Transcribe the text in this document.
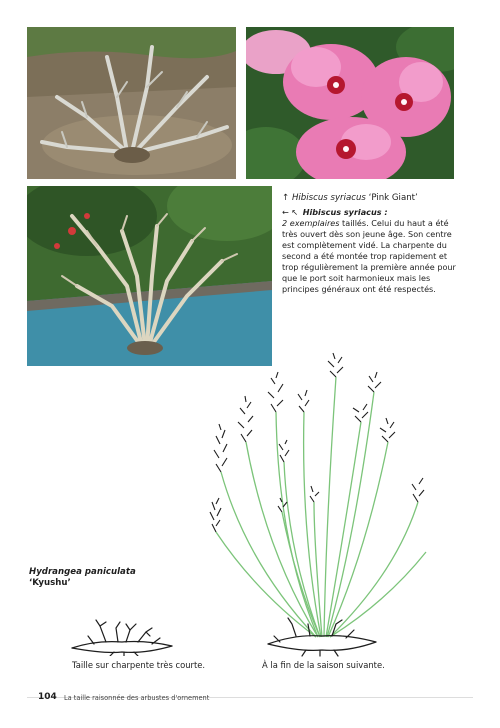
↑ Hibiscus syriacus ‘Pink Giant’
← ↖ Hibiscus syriacus :
2 exemplaires taillés. Celui du haut a été très ouvert dès son jeune âge. Son centre est complètement vidé. La charpente du second a été montée trop rapidement et trop régulièrement la première année pour que le port soit harmonieux mais les principes généraux ont été respectés.
Hydrangea paniculata
‘Kyushu’
Taille sur charpente très courte.	À la fin de la saison suivante.
104 La taille raisonnée des arbustes d'ornement
